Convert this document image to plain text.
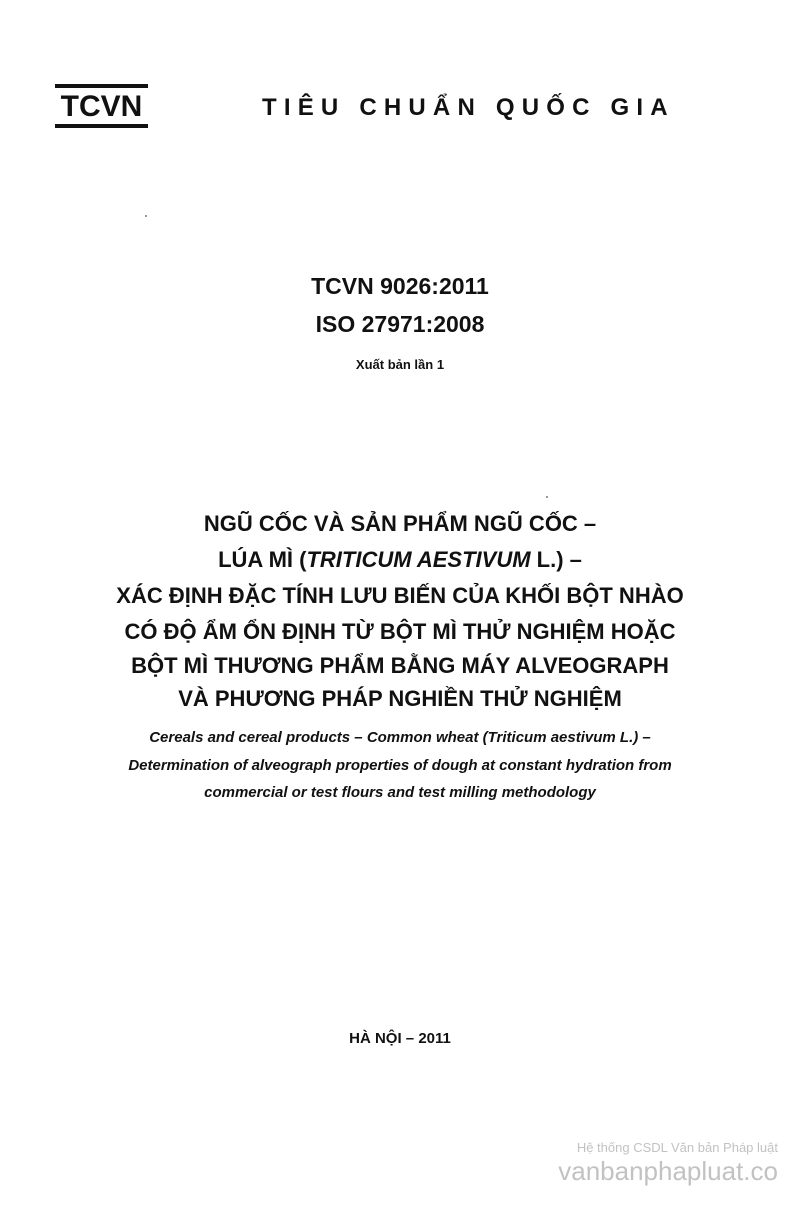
TCVN	TIÊU CHUẨN QUỐC GIA
TCVN 9026:2011
ISO 27971:2008
Xuất bản lần 1
NGŨ CỐC VÀ SẢN PHẨM NGŨ CỐC –
LÚA MÌ (TRITICUM AESTIVUM L.) –
XÁC ĐỊNH ĐẶC TÍNH LƯU BIẾN CỦA KHỐI BỘT NHÀO
CÓ ĐỘ ẨM ỔN ĐỊNH TỪ BỘT MÌ THỬ NGHIỆM HOẶC
BỘT MÌ THƯƠNG PHẨM BẰNG MÁY ALVEOGRAPH
VÀ PHƯƠNG PHÁP NGHIỀN THỬ NGHIỆM
Cereals and cereal products – Common wheat (Triticum aestivum L.) –
Determination of alveograph properties of dough at constant hydration from
commercial or test flours and test milling methodology
HÀ NỘI – 2011
Hệ thống CSDL Văn bản Pháp luật
vanbanphapluat.co
